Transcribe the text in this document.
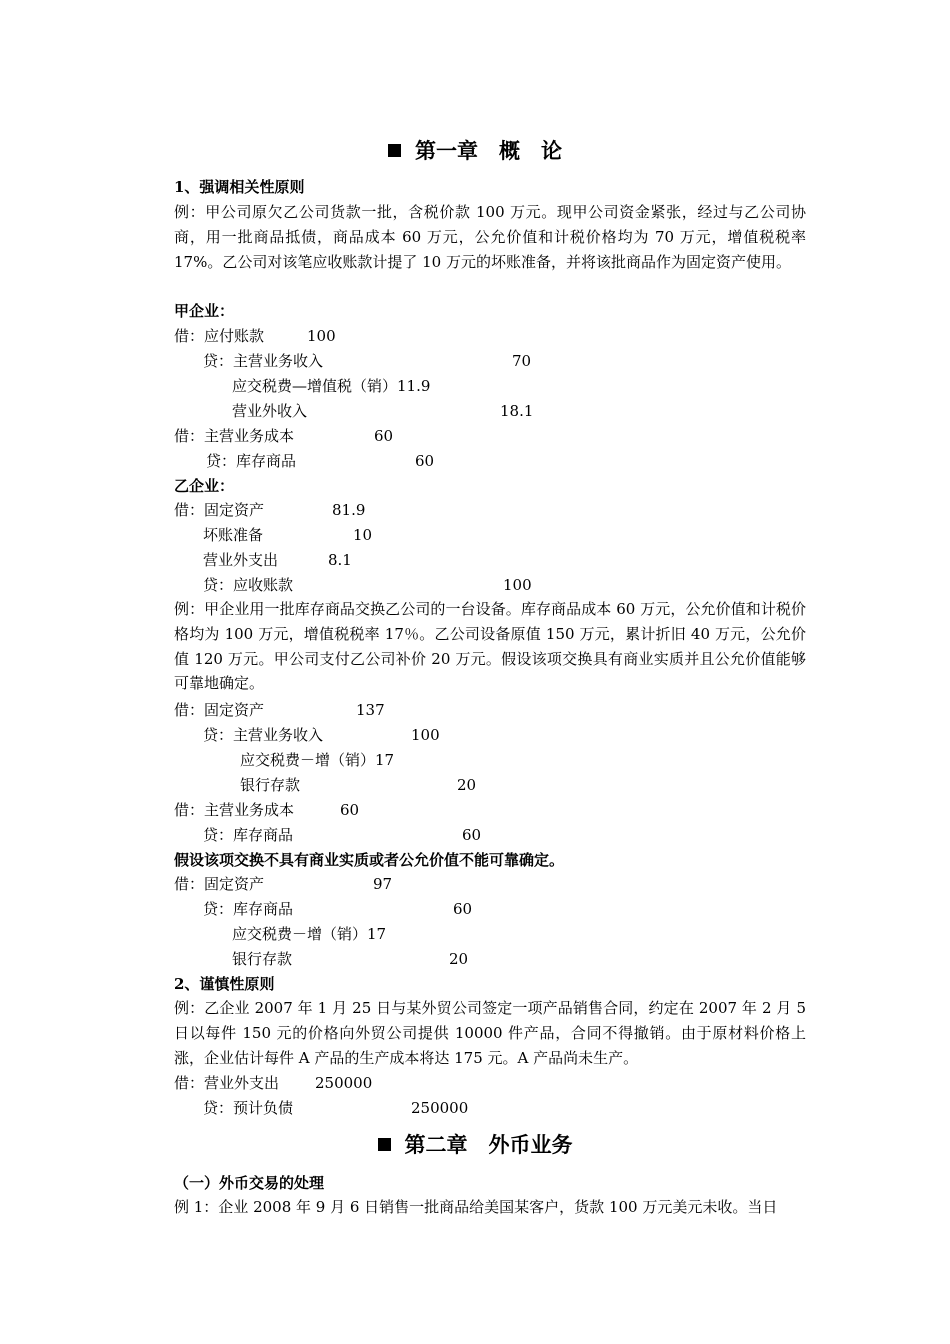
第一章　概　论
1、强调相关性原则
例：甲公司原欠乙公司货款一批，含税价款 100 万元。现甲公司资金紧张，经过与乙公司协商，用一批商品抵债，商品成本 60 万元，公允价值和计税价格均为 70 万元，增值税税率 17%。乙公司对该笔应收账款计提了 10 万元的坏账准备，并将该批商品作为固定资产使用。
甲企业：
借：应付账款	100
贷：主营业务收入	70
应交税费—增值税（销）11.9
营业外收入	18.1
借：主营业务成本	60
贷：库存商品	60
乙企业：
借：固定资产	81.9
坏账准备	10
营业外支出	8.1
贷：应收账款	100
例：甲企业用一批库存商品交换乙公司的一台设备。库存商品成本 60 万元，公允价值和计税价格均为 100 万元，增值税税率 17％。乙公司设备原值 150 万元，累计折旧 40 万元，公允价值 120 万元。甲公司支付乙公司补价 20 万元。假设该项交换具有商业实质并且公允价值能够可靠地确定。
借：固定资产	137
贷：主营业务收入	100
应交税费－增（销）17
银行存款	20
借：主营业务成本	60
贷：库存商品	60
假设该项交换不具有商业实质或者公允价值不能可靠确定。
借：固定资产	97
贷：库存商品	60
应交税费－增（销）17
银行存款	20
2、谨慎性原则
例：乙企业 2007 年 1 月 25 日与某外贸公司签定一项产品销售合同，约定在 2007 年 2 月 5 日以每件 150 元的价格向外贸公司提供 10000 件产品，合同不得撤销。由于原材料价格上涨，企业估计每件 A 产品的生产成本将达 175 元。A 产品尚未生产。
借：营业外支出 250000
贷：预计负债	250000
第二章　外币业务
（一）外币交易的处理
例 1：企业 2008 年 9 月 6 日销售一批商品给美国某客户，货款 100 万元美元未收。当日
